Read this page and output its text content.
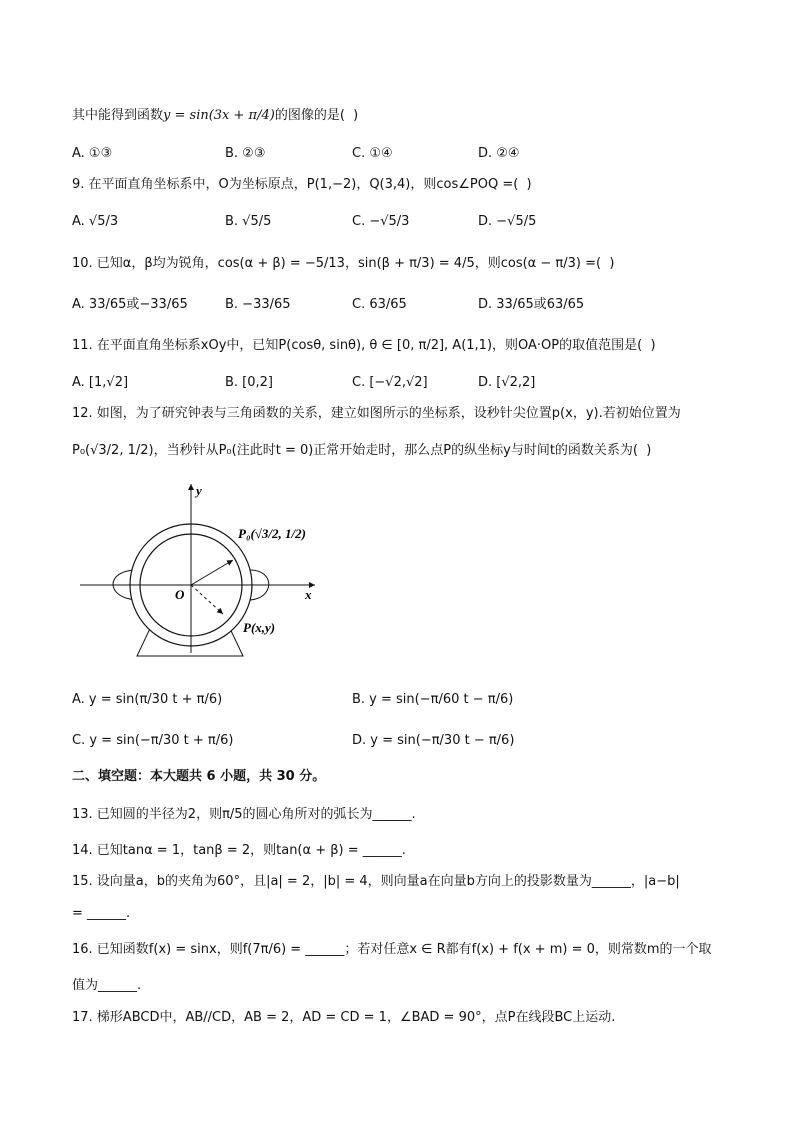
其中能得到函数y = sin(3x + π/4)的图像的是(  )
A. ①③	B. ②③	C. ①④	D. ②④
9. 在平面直角坐标系中，O为坐标原点，P(1,−2)，Q(3,4)，则cos∠POQ =(  )
A. √5/3	B. √5/5	C. −√5/3	D. −√5/5
10. 已知α，β均为锐角，cos(α + β) = −5/13，sin(β + π/3) = 4/5，则cos(α − π/3) =(  )
A. 33/65或−33/65	B. −33/65	C. 63/65	D. 33/65或63/65
11. 在平面直角坐标系xOy中，已知P(cosθ, sinθ), θ ∈ [0, π/2], A(1,1)，则OA·OP的取值范围是(  )
A. [1,√2]	B. [0,2]	C. [−√2,√2]	D. [√2,2]
12. 如图，为了研究钟表与三角函数的关系，建立如图所示的坐标系，设秒针尖位置p(x，y).若初始位置为
P₀(√3/2, 1/2)，当秒针从P₀(注此时t = 0)正常开始走时，那么点P的纵坐标y与时间t的函数关系为(  )
y
x
O
P₀(√3/2, 1/2)
P(x,y)
A. y = sin(π/30 t + π/6)	B. y = sin(−π/60 t − π/6)
C. y = sin(−π/30 t + π/6)	D. y = sin(−π/30 t − π/6)
二、填空题：本大题共 6 小题，共 30 分。
13. 已知圆的半径为2，则π/5的圆心角所对的弧长为______.
14. 已知tanα = 1，tanβ = 2，则tan(α + β) = ______.
15. 设向量a，b的夹角为60°，且|a| = 2，|b| = 4，则向量a在向量b方向上的投影数量为______，|a−b|
= ______.
16. 已知函数f(x) = sinx，则f(7π/6) = ______；若对任意x ∈ R都有f(x) + f(x + m) = 0，则常数m的一个取
值为______.
17. 梯形ABCD中，AB//CD，AB = 2，AD = CD = 1，∠BAD = 90°，点P在线段BC上运动.
